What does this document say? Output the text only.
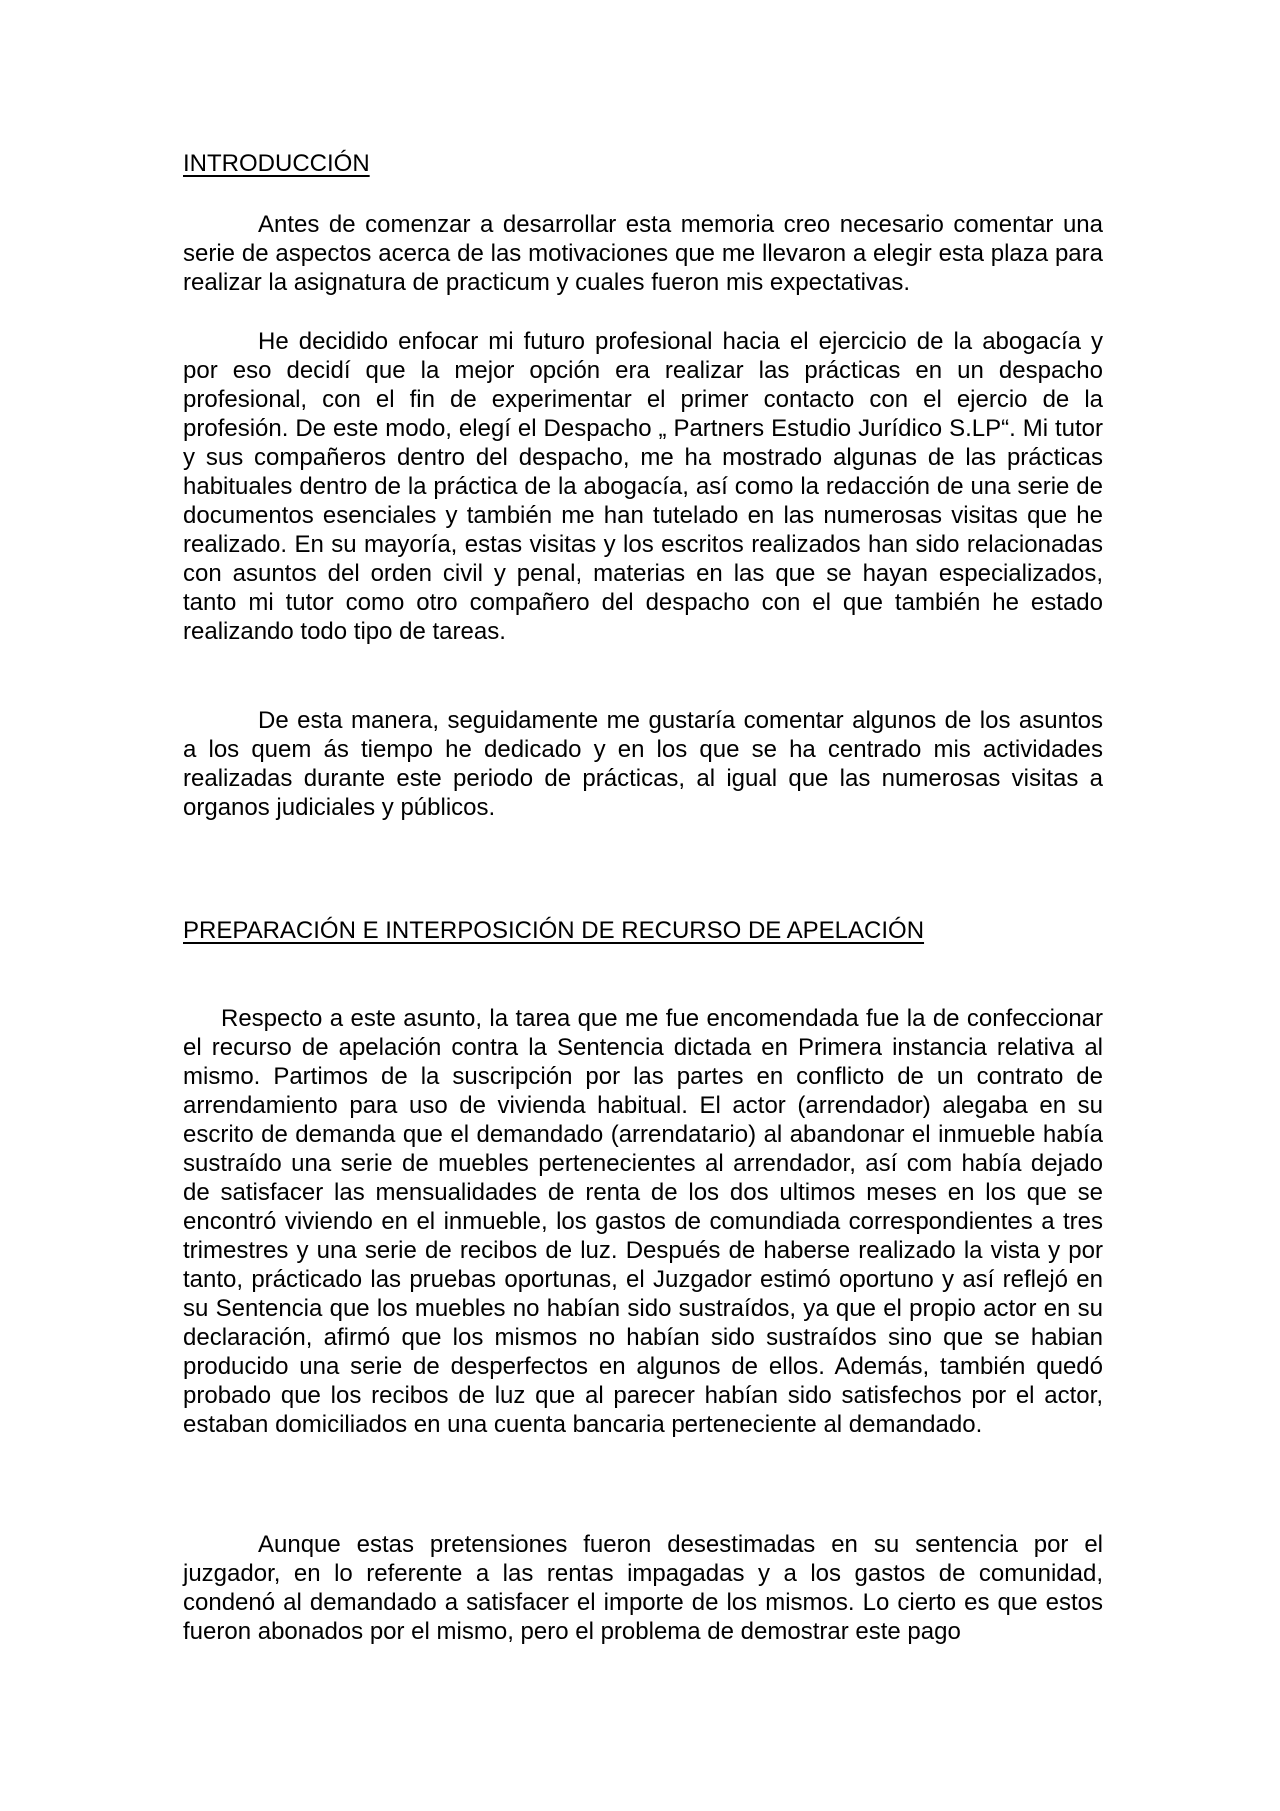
INTRODUCCIÓN

Antes de comenzar a desarrollar esta memoria creo necesario comentar una serie de aspectos acerca de las motivaciones que me llevaron a elegir esta plaza para realizar la asignatura de practicum y cuales fueron mis expectativas.

He decidido enfocar mi futuro profesional hacia el ejercicio de la abogacía y por eso decidí que la mejor opción era realizar las prácticas en un despacho profesional, con el fin de experimentar el primer contacto con el ejercio de la profesión. De este modo, elegí el Despacho „ Partners Estudio Jurídico S.LP“. Mi tutor y sus compañeros dentro del despacho, me ha mostrado algunas de las prácticas habituales dentro de la práctica de la abogacía, así como la redacción de una serie de documentos esenciales y también me han tutelado en las numerosas visitas que he realizado. En su mayoría, estas visitas y los escritos realizados han sido relacionadas con asuntos del orden civil y penal, materias en las que se hayan especializados, tanto mi tutor como otro compañero del despacho con el que también he estado realizando todo tipo de tareas.

De esta manera, seguidamente me gustaría comentar algunos de los asuntos a los quem ás tiempo he dedicado y en los que se ha centrado mis actividades realizadas durante este periodo de prácticas, al igual que las numerosas visitas a organos judiciales y públicos.

PREPARACIÓN E INTERPOSICIÓN DE RECURSO DE APELACIÓN

Respecto a este asunto, la tarea que me fue encomendada fue la de confeccionar el recurso de apelación contra la Sentencia dictada en Primera instancia relativa al mismo. Partimos de la suscripción por las partes en conflicto de un contrato de arrendamiento para uso de vivienda habitual. El actor (arrendador) alegaba en su escrito de demanda que el demandado (arrendatario) al abandonar el inmueble había sustraído una serie de muebles pertenecientes al arrendador, así com había dejado de satisfacer las mensualidades de renta de los dos ultimos meses en los que se encontró viviendo en el inmueble, los gastos de comundiada correspondientes a tres trimestres y una serie de recibos de luz. Después de haberse realizado la vista y por tanto, prácticado las pruebas oportunas, el Juzgador estimó oportuno y así reflejó en su Sentencia que los muebles no habían sido sustraídos, ya que el propio actor en su declaración, afirmó que los mismos no habían sido sustraídos sino que se habian producido una serie de desperfectos en algunos de ellos. Además, también quedó probado que los recibos de luz que al parecer habían sido satisfechos por el actor, estaban domiciliados en una cuenta bancaria perteneciente al demandado.

Aunque estas pretensiones fueron desestimadas en su sentencia por el juzgador, en lo referente a las rentas impagadas y a los gastos de comunidad, condenó al demandado a satisfacer el importe de los mismos. Lo cierto es que estos fueron abonados por el mismo, pero el problema de demostrar este pago
